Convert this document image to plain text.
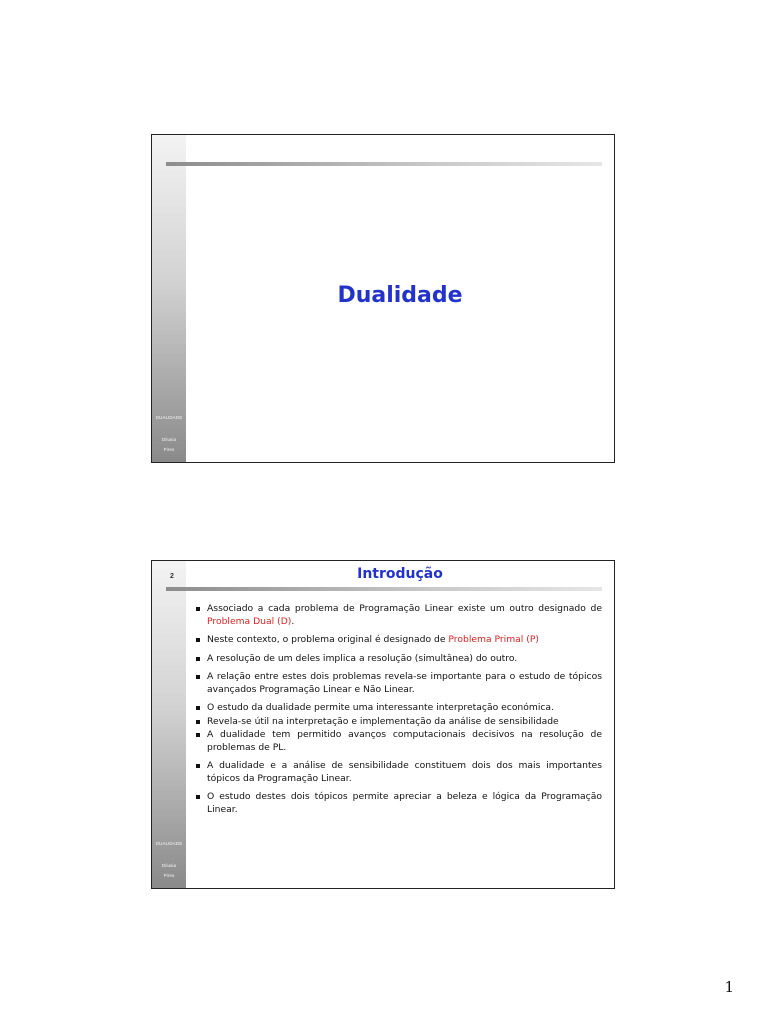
DUALIDADE
Dilusia
Pires
Dualidade
2	Introdução
DUALIDADE
Dilusia
Pires
Associado a cada problema de Programação Linear existe um outro designado de Problema Dual (D).
Neste contexto, o problema original é designado de Problema Primal (P)
A resolução de um deles implica a resolução (simultânea) do outro.
A relação entre estes dois problemas revela-se importante para o estudo de tópicos avançados Programação Linear e Não Linear.
O estudo da dualidade permite uma interessante interpretação económica.
Revela-se útil na interpretação e implementação da análise de sensibilidade
A dualidade tem permitido avanços computacionais decisivos na resolução de problemas de PL.
A dualidade e a análise de sensibilidade constituem dois dos mais importantes tópicos da Programação Linear.
O estudo destes dois tópicos permite apreciar a beleza e lógica da Programação Linear.
1
